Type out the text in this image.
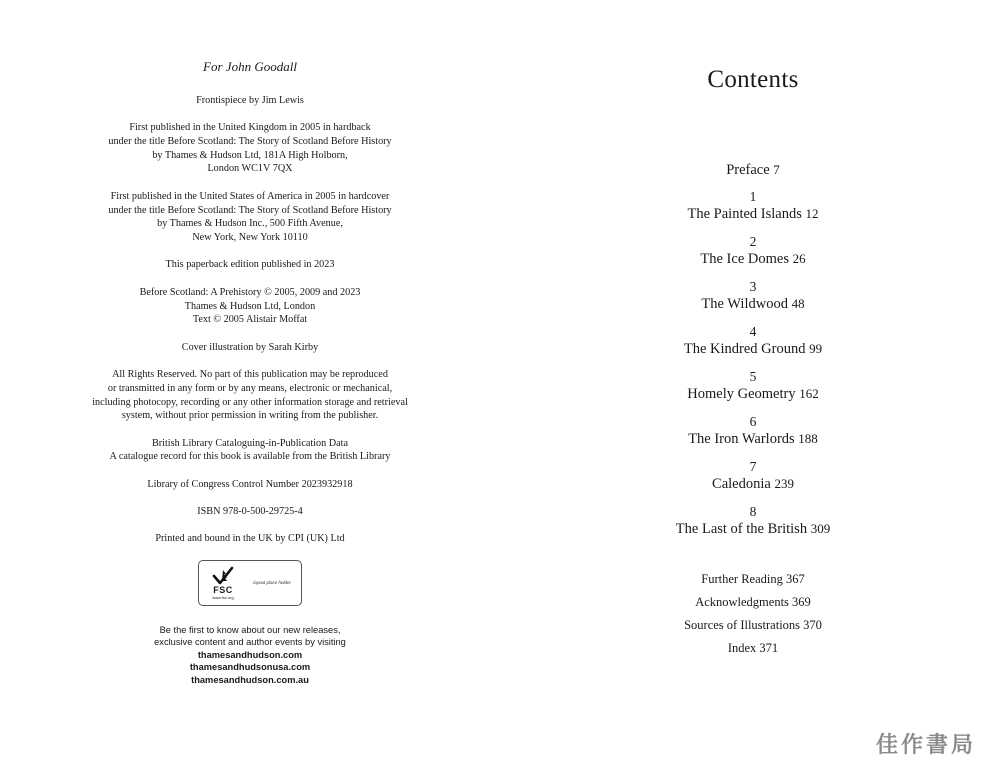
For John Goodall

Frontispiece by Jim Lewis

First published in the United Kingdom in 2005 in hardback

under the title Before Scotland: The Story of Scotland Before History

by Thames & Hudson Ltd, 181A High Holborn,

London WC1V 7QX

First published in the United States of America in 2005 in hardcover

under the title Before Scotland: The Story of Scotland Before History

by Thames & Hudson Inc., 500 Fifth Avenue,

New York, New York 10110

This paperback edition published in 2023

Before Scotland: A Prehistory © 2005, 2009 and 2023

Thames & Hudson Ltd, London

Text © 2005 Alistair Moffat

Cover illustration by Sarah Kirby

All Rights Reserved. No part of this publication may be reproduced

or transmitted in any form or by any means, electronic or mechanical,

including photocopy, recording or any other information storage and retrieval

system, without prior permission in writing from the publisher.

British Library Cataloguing-in-Publication Data

A catalogue record for this book is available from the British Library

Library of Congress Control Number 2023932918

ISBN 978-0-500-29725-4

Printed and bound in the UK by CPI (UK) Ltd

FSC
www.fsc.org
layout place holder

Be the first to know about our new releases,

exclusive content and author events by visiting

thamesandhudson.com

thamesandhudsonusa.com

thamesandhudson.com.au

Contents
Preface 7
1
The Painted Islands 12
2
The Ice Domes 26
3
The Wildwood 48
4
The Kindred Ground 99
5
Homely Geometry 162
6
The Iron Warlords 188
7
Caledonia 239
8
The Last of the British 309
Further Reading 367
Acknowledgments 369
Sources of Illustrations 370
Index 371
佳作書局
